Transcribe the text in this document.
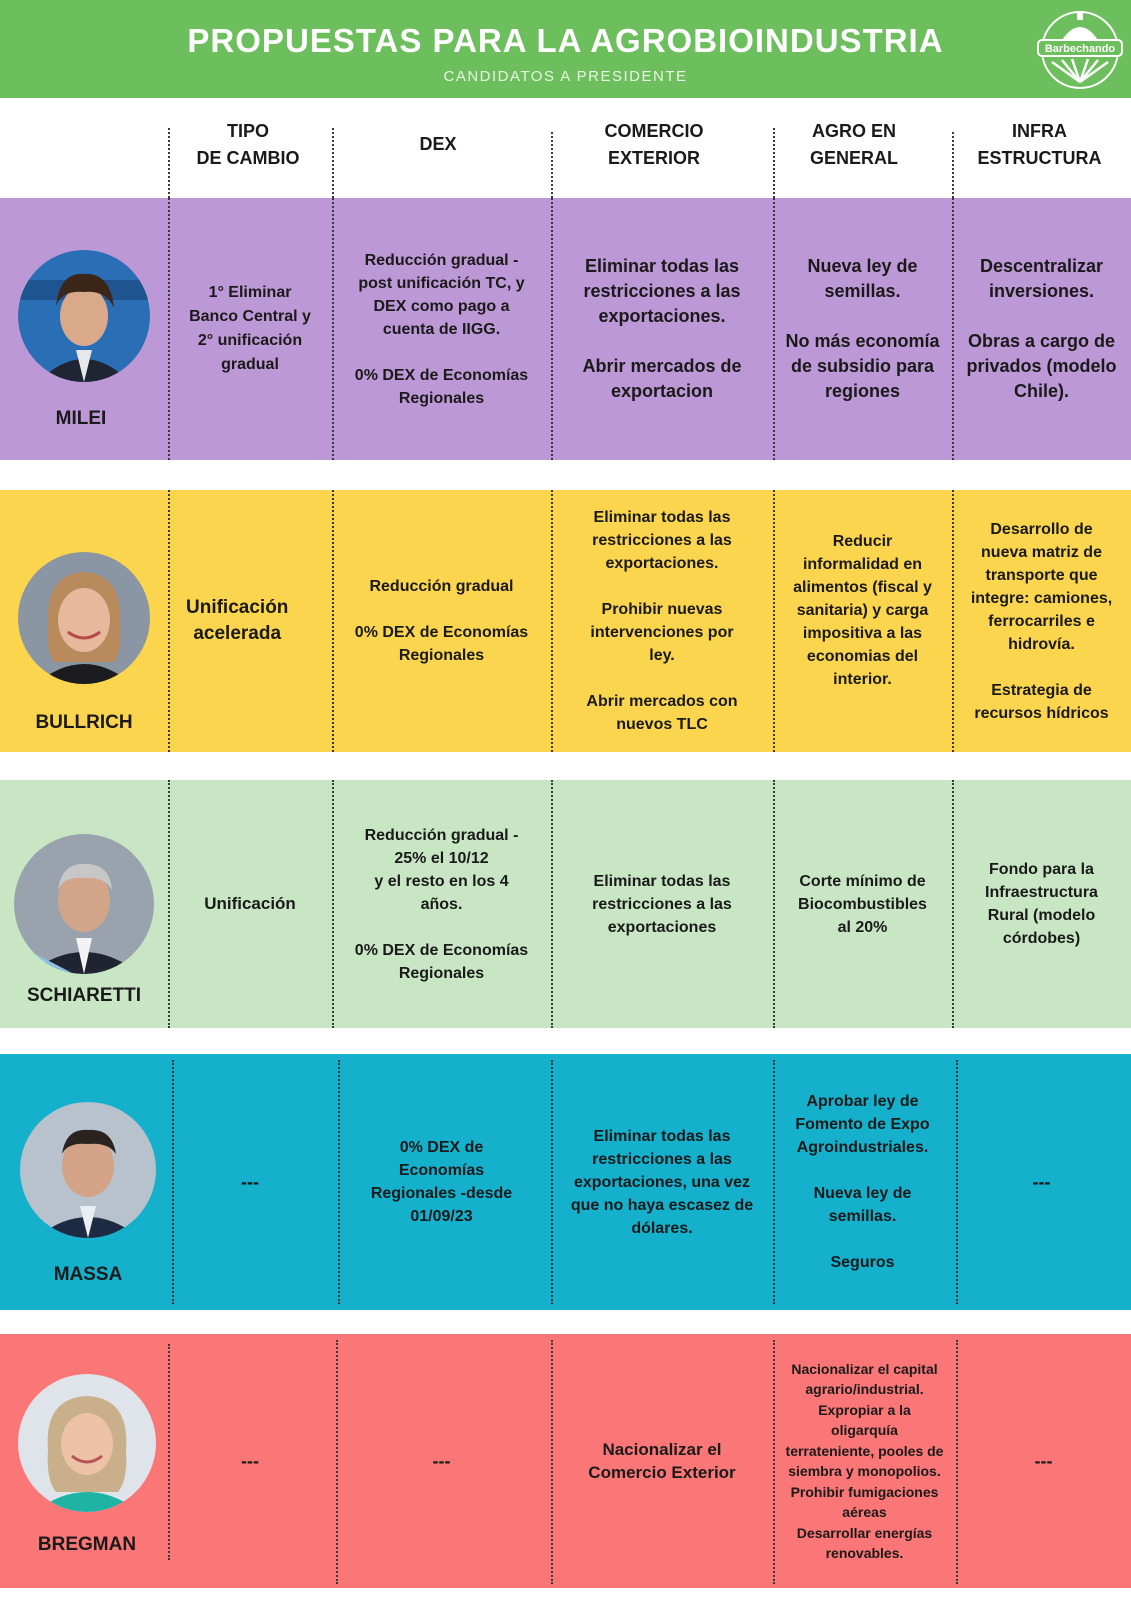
PROPUESTAS PARA LA AGROBIOINDUSTRIA
CANDIDATOS A PRESIDENTE
Barbechando
TIPO
DE CAMBIO
DEX
COMERCIO
EXTERIOR
AGRO EN
GENERAL
INFRA
ESTRUCTURA
MILEI
1° Eliminar
Banco Central y
2° unificación
gradual
Reducción gradual -
post unificación TC, y
DEX como pago a
cuenta de IIGG.

0% DEX de Economías
Regionales
Eliminar todas las
restricciones a las
exportaciones.

Abrir mercados de
exportacion
Nueva ley de
semillas.

No más economía
de subsidio para
regiones
Descentralizar
inversiones.

Obras a cargo de
privados (modelo
Chile).
BULLRICH
Unificación
acelerada
Reducción gradual

0% DEX de Economías
Regionales
Eliminar todas las
restricciones a las
exportaciones.

Prohibir nuevas
intervenciones por
ley.

Abrir mercados con
nuevos TLC
Reducir
informalidad en
alimentos (fiscal y
sanitaria) y carga
impositiva a las
economias del
interior.
Desarrollo de
nueva matriz de
transporte que
integre: camiones,
ferrocarriles e
hidrovía.

Estrategia de
recursos hídricos
SCHIARETTI
Unificación
Reducción gradual -
25% el 10/12
y el resto en los 4
años.

0% DEX de Economías
Regionales
Eliminar todas las
restricciones a las
exportaciones
Corte mínimo de
Biocombustibles
al 20%
Fondo para la
Infraestructura
Rural (modelo
córdobes)
MASSA
---
0% DEX de
Economías
Regionales -desde
01/09/23
Eliminar todas las
restricciones a las
exportaciones, una vez
que no haya escasez de
dólares.
Aprobar ley de
Fomento de Expo
Agroindustriales.

Nueva ley de
semillas.

Seguros
---
BREGMAN
---	---
Nacionalizar el
Comercio Exterior
Nacionalizar el capital
agrario/industrial.
Expropiar a la
oligarquía
terrateniente, pooles de
siembra y monopolios.
Prohibir fumigaciones
aéreas
Desarrollar energías
renovables.
---
